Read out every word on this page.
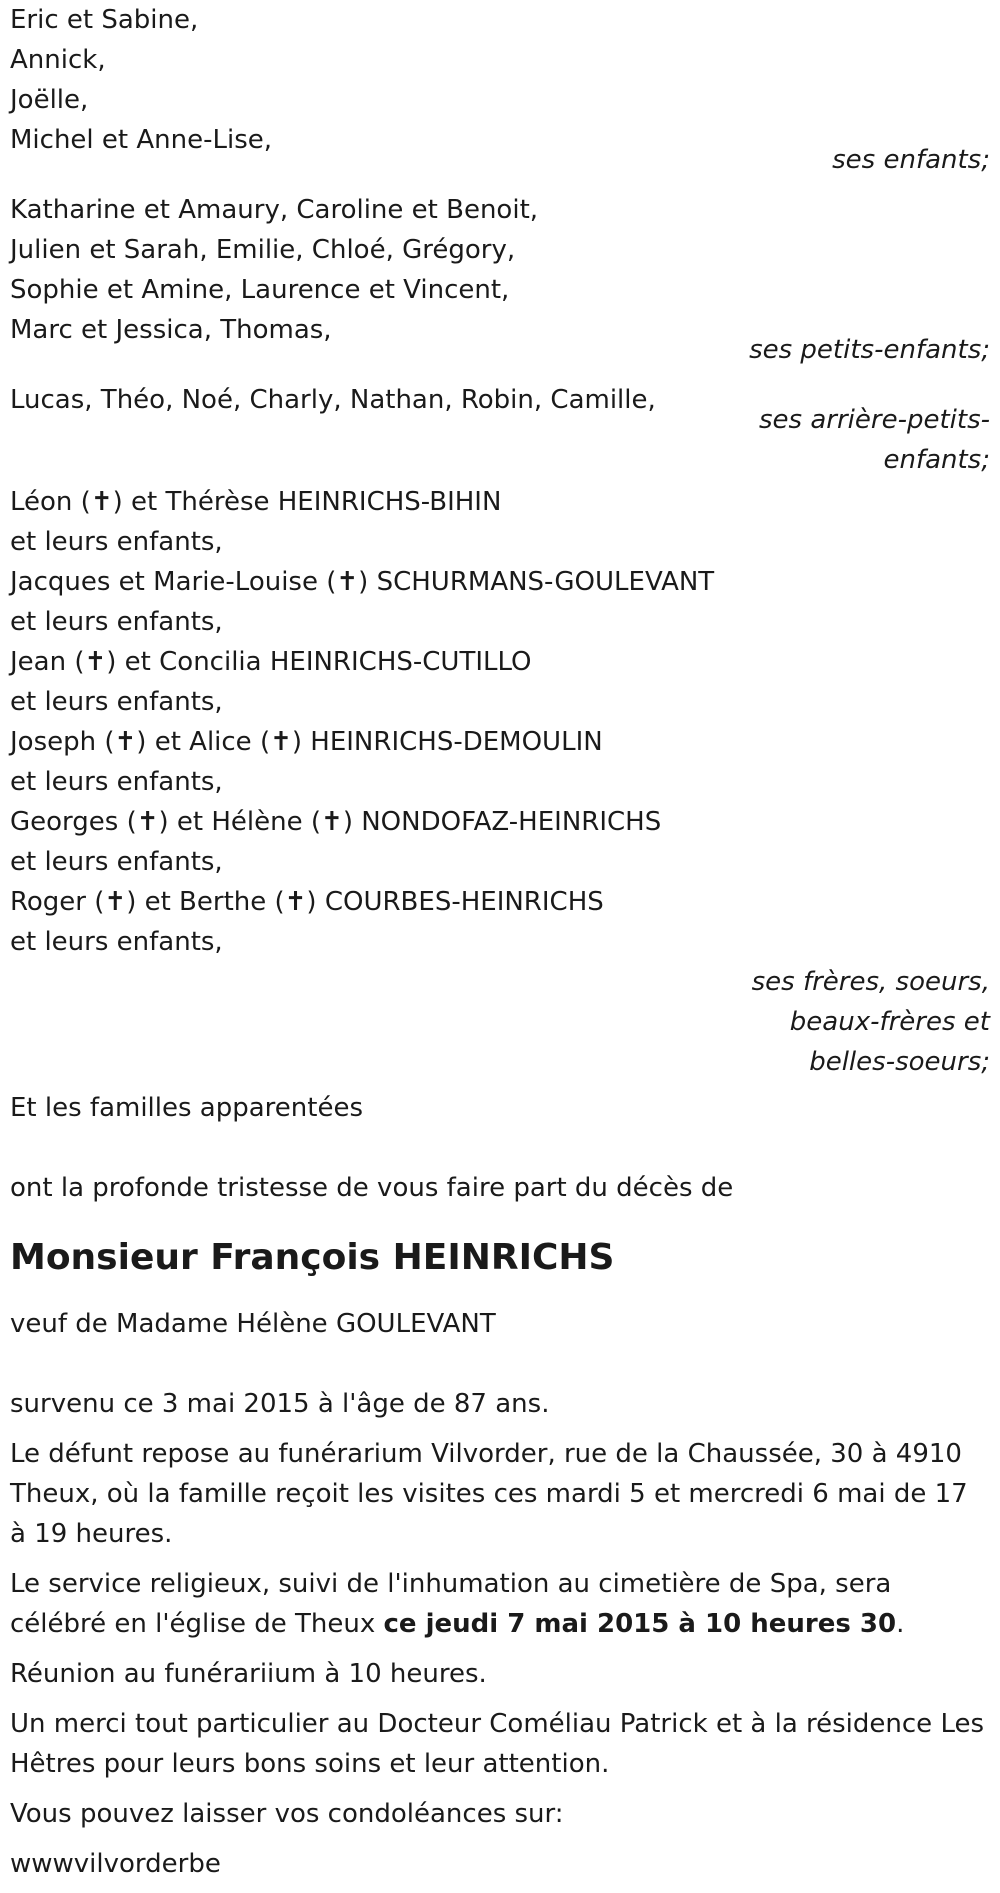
Eric et Sabine,
Annick,
Joëlle,
Michel et Anne-Lise,
ses enfants;
Katharine et Amaury, Caroline et Benoit,
Julien et Sarah, Emilie, Chloé, Grégory,
Sophie et Amine, Laurence et Vincent,
Marc et Jessica, Thomas,
ses petits-enfants;
Lucas, Théo, Noé, Charly, Nathan, Robin, Camille,
ses arrière-petits-
enfants;
Léon (✝) et Thérèse HEINRICHS-BIHIN
et leurs enfants,
Jacques et Marie-Louise (✝) SCHURMANS-GOULEVANT
et leurs enfants,
Jean (✝) et Concilia HEINRICHS-CUTILLO
et leurs enfants,
Joseph (✝) et Alice (✝) HEINRICHS-DEMOULIN
et leurs enfants,
Georges (✝) et Hélène (✝) NONDOFAZ-HEINRICHS
et leurs enfants,
Roger (✝) et Berthe (✝) COURBES-HEINRICHS
et leurs enfants,
ses frères, soeurs,
beaux-frères et
belles-soeurs;
Et les familles apparentées
ont la profonde tristesse de vous faire part du décès de
Monsieur François HEINRICHS
veuf de Madame Hélène GOULEVANT
survenu ce 3 mai 2015 à l'âge de 87 ans.
Le défunt repose au funérarium Vilvorder, rue de la Chaussée, 30 à 4910 Theux, où la famille reçoit les visites ces mardi 5 et mercredi 6 mai de 17 à 19 heures.
Le service religieux, suivi de l'inhumation au cimetière de Spa, sera célébré en l'église de Theux ce jeudi 7 mai 2015 à 10 heures 30.
Réunion au funérariium à 10 heures.
Un merci tout particulier au Docteur Coméliau Patrick et à la résidence Les Hêtres pour leurs bons soins et leur attention.
Vous pouvez laisser vos condoléances sur:
wwwvilvorderbe
